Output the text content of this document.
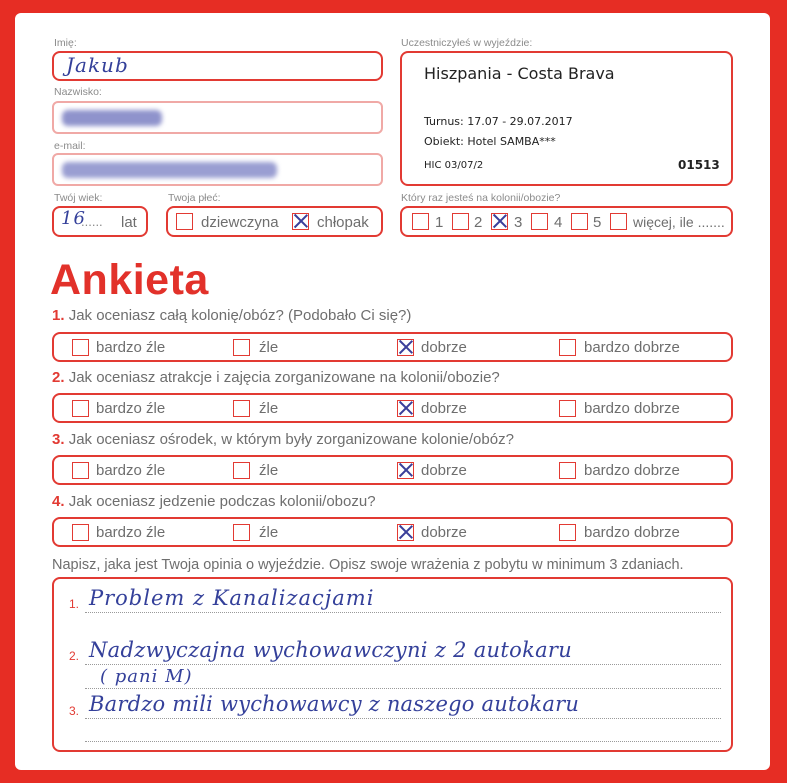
Imię:
Jakub
Nazwisko:
e-mail:
Twój wiek:
16
...... lat
Twoja płeć:
dziewczyna	chłopak
Uczestniczyłeś w wyjeździe:
Hiszpania - Costa Brava
Turnus: 17.07 - 29.07.2017
Obiekt: Hotel SAMBA***
HIC 03/07/2	01513
Który raz jesteś na kolonii/obozie?
1 2 3 4 5 więcej, ile .......
Ankieta
1. Jak oceniasz całą kolonię/obóz? (Podobało Ci się?)
bardzo źle	źle	dobrze	bardzo dobrze
2. Jak oceniasz atrakcje i zajęcia zorganizowane na kolonii/obozie?
bardzo źle	źle	dobrze	bardzo dobrze
3. Jak oceniasz ośrodek, w którym były zorganizowane kolonie/obóz?
bardzo źle	źle	dobrze	bardzo dobrze
4. Jak oceniasz jedzenie podczas kolonii/obozu?
bardzo źle	źle	dobrze	bardzo dobrze
Napisz, jaka jest Twoja opinia o wyjeździe. Opisz swoje wrażenia z pobytu w minimum 3 zdaniach.
1. Problem z Kanalizacjami
2. Nadzwyczajna wychowawczyni z 2 autokaru
( pani M)
3. Bardzo mili wychowawcy z naszego autokaru
